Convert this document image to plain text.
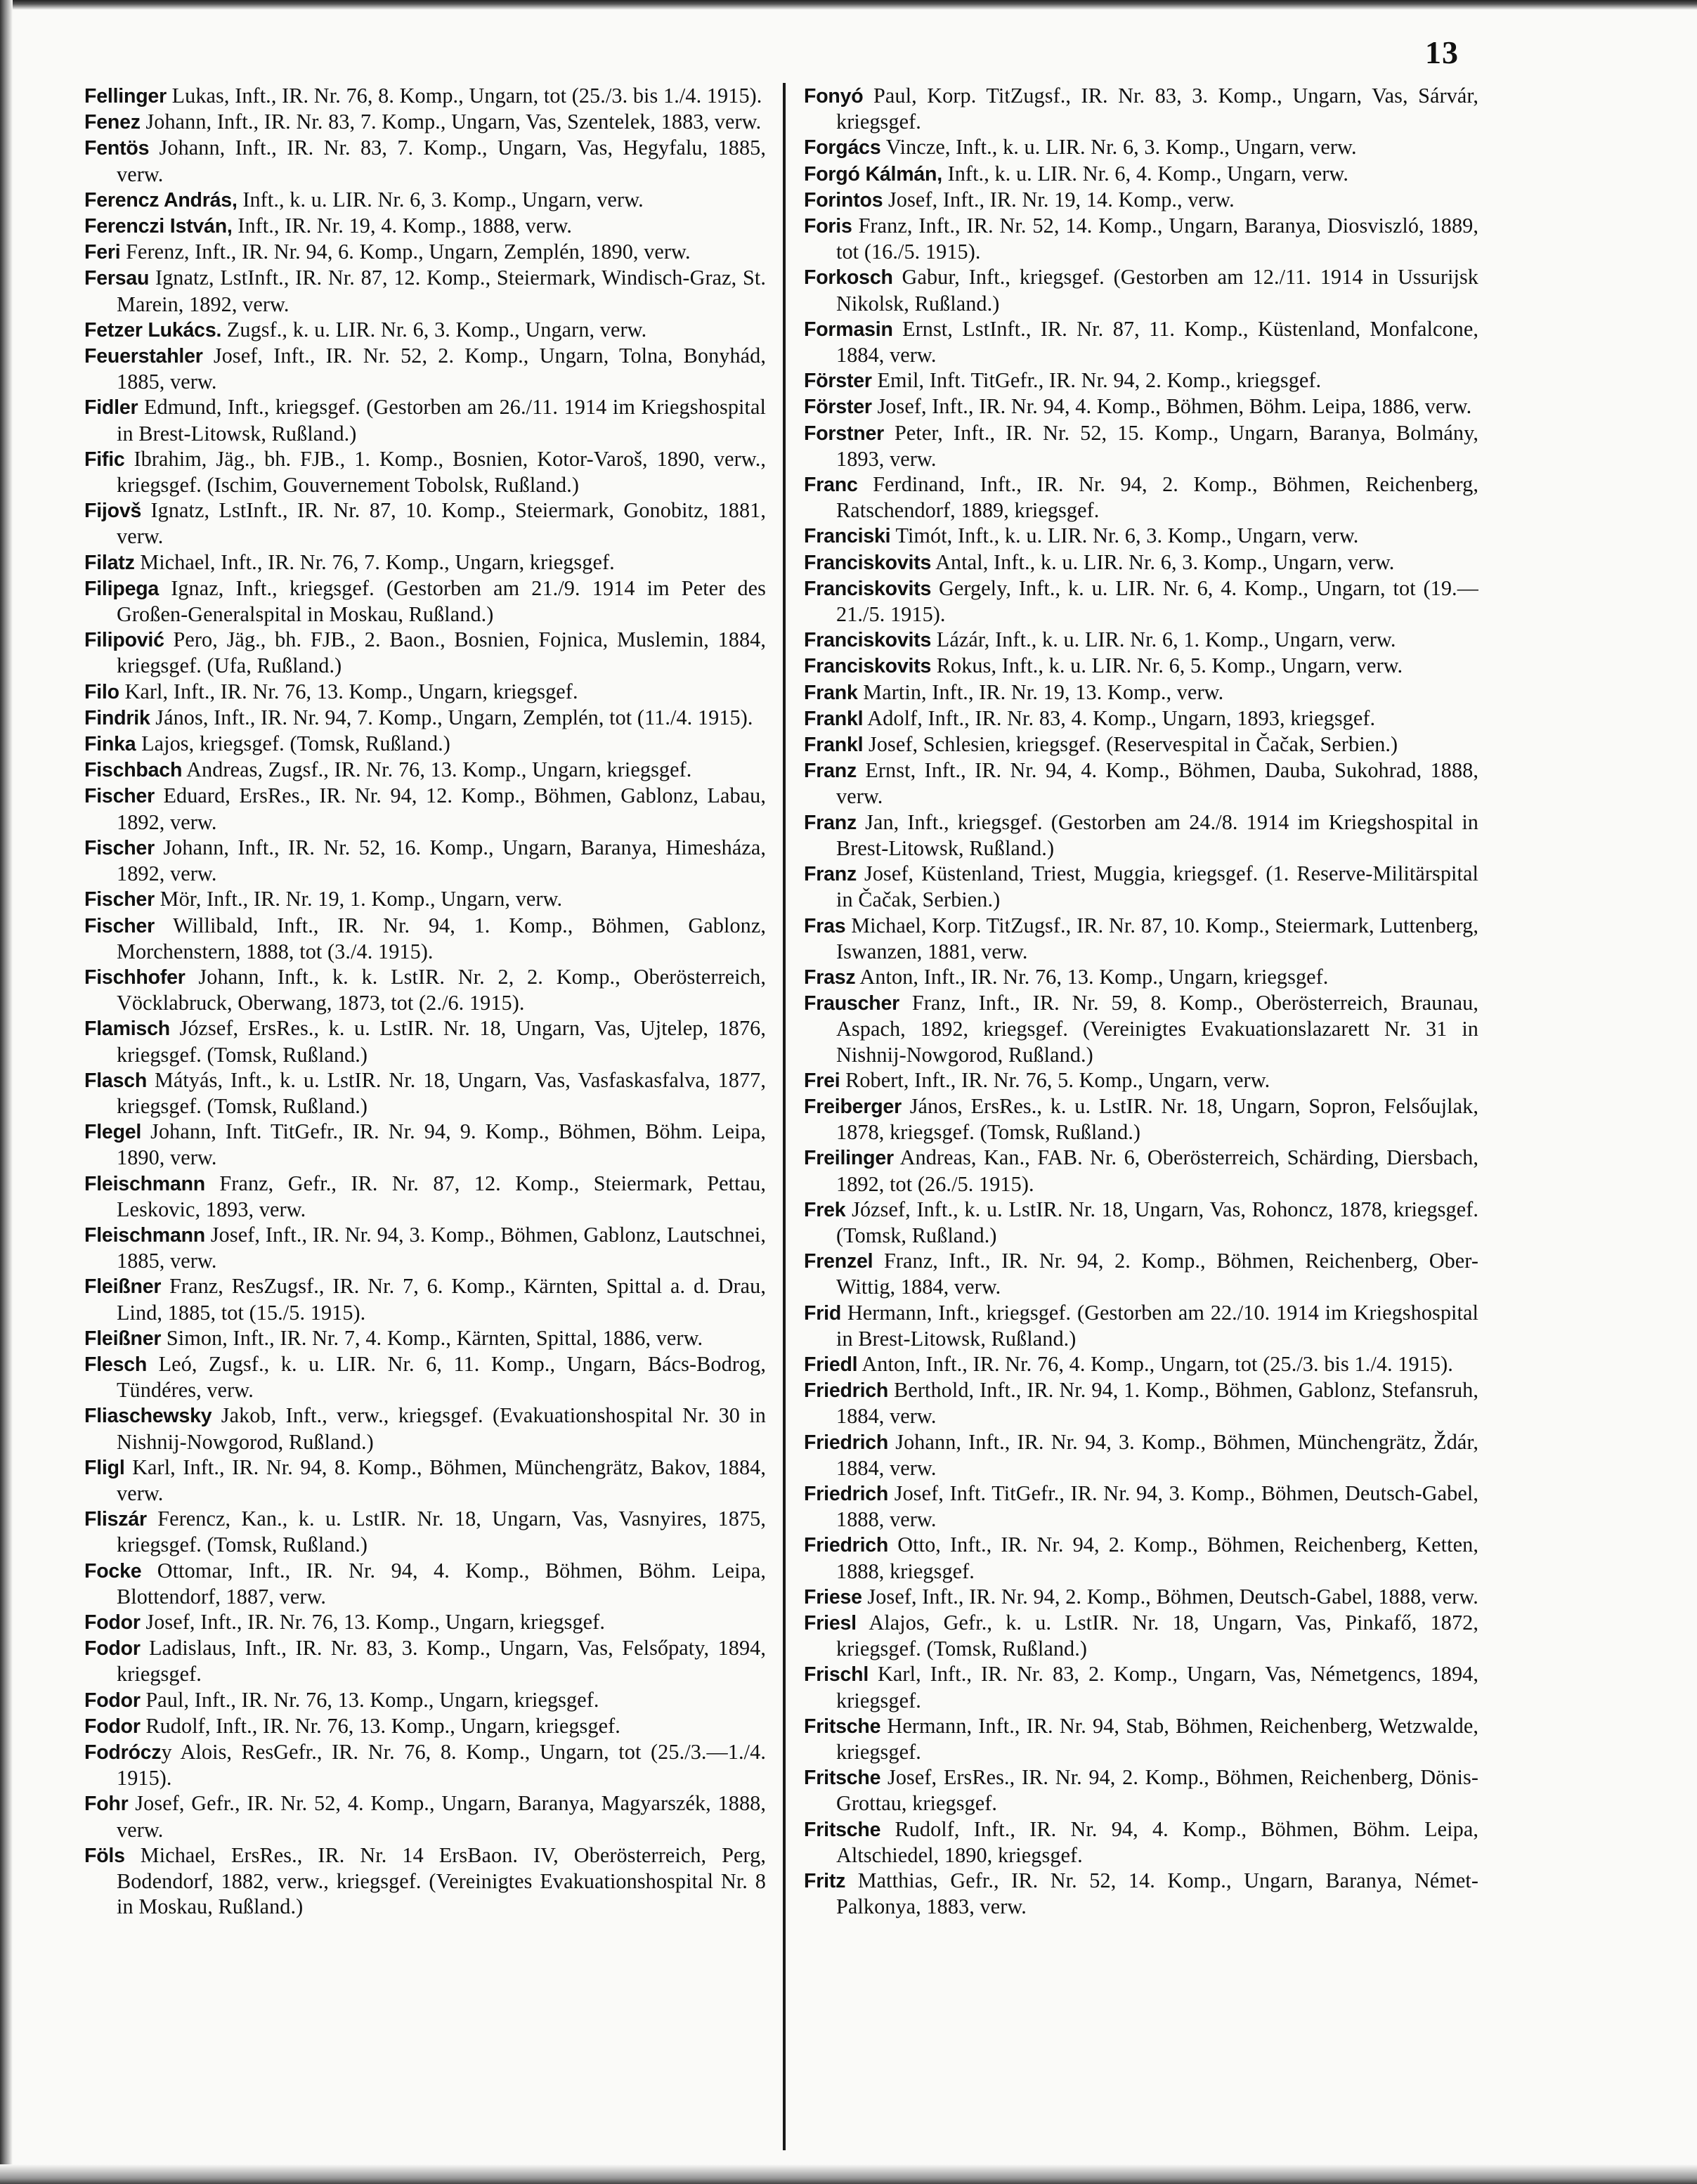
13

Fellinger Lukas, Inft., IR. Nr. 76, 8. Komp., Ungarn, tot (25./3. bis 1./4. 1915).

Fenez Johann, Inft., IR. Nr. 83, 7. Komp., Ungarn, Vas, Szentelek, 1883, verw.

Fentös Johann, Inft., IR. Nr. 83, 7. Komp., Ungarn, Vas, Hegyfalu, 1885, verw.

Ferencz András, Inft., k. u. LIR. Nr. 6, 3. Komp., Ungarn, verw.

Ferenczi István, Inft., IR. Nr. 19, 4. Komp., 1888, verw.

Feri Ferenz, Inft., IR. Nr. 94, 6. Komp., Ungarn, Zemplén, 1890, verw.

Fersau Ignatz, LstInft., IR. Nr. 87, 12. Komp., Steiermark, Windisch-Graz, St. Marein, 1892, verw.

Fetzer Lukács. Zugsf., k. u. LIR. Nr. 6, 3. Komp., Ungarn, verw.

Feuerstahler Josef, Inft., IR. Nr. 52, 2. Komp., Ungarn, Tolna, Bonyhád, 1885, verw.

Fidler Edmund, Inft., kriegsgef. (Gestorben am 26./11. 1914 im Kriegshospital in Brest-Litowsk, Rußland.)

Fific Ibrahim, Jäg., bh. FJB., 1. Komp., Bosnien, Kotor-Varoš, 1890, verw., kriegsgef. (Ischim, Gouvernement Tobolsk, Rußland.)

Fijovš Ignatz, LstInft., IR. Nr. 87, 10. Komp., Steiermark, Gonobitz, 1881, verw.

Filatz Michael, Inft., IR. Nr. 76, 7. Komp., Ungarn, kriegsgef.

Filipega Ignaz, Inft., kriegsgef. (Gestorben am 21./9. 1914 im Peter des Großen-Generalspital in Moskau, Rußland.)

Filipović Pero, Jäg., bh. FJB., 2. Baon., Bosnien, Fojnica, Muslemin, 1884, kriegsgef. (Ufa, Rußland.)

Filo Karl, Inft., IR. Nr. 76, 13. Komp., Ungarn, kriegsgef.

Findrik János, Inft., IR. Nr. 94, 7. Komp., Ungarn, Zemplén, tot (11./4. 1915).

Finka Lajos, kriegsgef. (Tomsk, Rußland.)

Fischbach Andreas, Zugsf., IR. Nr. 76, 13. Komp., Ungarn, kriegsgef.

Fischer Eduard, ErsRes., IR. Nr. 94, 12. Komp., Böhmen, Gablonz, Labau, 1892, verw.

Fischer Johann, Inft., IR. Nr. 52, 16. Komp., Ungarn, Baranya, Himesháza, 1892, verw.

Fischer Mör, Inft., IR. Nr. 19, 1. Komp., Ungarn, verw.

Fischer Willibald, Inft., IR. Nr. 94, 1. Komp., Böhmen, Gablonz, Morchenstern, 1888, tot (3./4. 1915).

Fischhofer Johann, Inft., k. k. LstIR. Nr. 2, 2. Komp., Oberösterreich, Vöcklabruck, Oberwang, 1873, tot (2./6. 1915).

Flamisch József, ErsRes., k. u. LstIR. Nr. 18, Ungarn, Vas, Ujtelep, 1876, kriegsgef. (Tomsk, Rußland.)

Flasch Mátyás, Inft., k. u. LstIR. Nr. 18, Ungarn, Vas, Vasfaskasfalva, 1877, kriegsgef. (Tomsk, Rußland.)

Flegel Johann, Inft. TitGefr., IR. Nr. 94, 9. Komp., Böhmen, Böhm. Leipa, 1890, verw.

Fleischmann Franz, Gefr., IR. Nr. 87, 12. Komp., Steiermark, Pettau, Leskovic, 1893, verw.

Fleischmann Josef, Inft., IR. Nr. 94, 3. Komp., Böhmen, Gablonz, Lautschnei, 1885, verw.

Fleißner Franz, ResZugsf., IR. Nr. 7, 6. Komp., Kärnten, Spittal a. d. Drau, Lind, 1885, tot (15./5. 1915).

Fleißner Simon, Inft., IR. Nr. 7, 4. Komp., Kärnten, Spittal, 1886, verw.

Flesch Leó, Zugsf., k. u. LIR. Nr. 6, 11. Komp., Ungarn, Bács-Bodrog, Tündéres, verw.

Fliaschewsky Jakob, Inft., verw., kriegsgef. (Evakuationshospital Nr. 30 in Nishnij-Nowgorod, Rußland.)

Fligl Karl, Inft., IR. Nr. 94, 8. Komp., Böhmen, Münchengrätz, Bakov, 1884, verw.

Fliszár Ferencz, Kan., k. u. LstIR. Nr. 18, Ungarn, Vas, Vasnyires, 1875, kriegsgef. (Tomsk, Rußland.)

Focke Ottomar, Inft., IR. Nr. 94, 4. Komp., Böhmen, Böhm. Leipa, Blottendorf, 1887, verw.

Fodor Josef, Inft., IR. Nr. 76, 13. Komp., Ungarn, kriegsgef.

Fodor Ladislaus, Inft., IR. Nr. 83, 3. Komp., Ungarn, Vas, Felsőpaty, 1894, kriegsgef.

Fodor Paul, Inft., IR. Nr. 76, 13. Komp., Ungarn, kriegsgef.

Fodor Rudolf, Inft., IR. Nr. 76, 13. Komp., Ungarn, kriegsgef.

Fodróczy Alois, ResGefr., IR. Nr. 76, 8. Komp., Ungarn, tot (25./3.—1./4. 1915).

Fohr Josef, Gefr., IR. Nr. 52, 4. Komp., Ungarn, Baranya, Magyarszék, 1888, verw.

Föls Michael, ErsRes., IR. Nr. 14 ErsBaon. IV, Oberösterreich, Perg, Bodendorf, 1882, verw., kriegsgef. (Vereinigtes Evakuationshospital Nr. 8 in Moskau, Rußland.)

Fonyó Paul, Korp. TitZugsf., IR. Nr. 83, 3. Komp., Ungarn, Vas, Sárvár, kriegsgef.

Forgács Vincze, Inft., k. u. LIR. Nr. 6, 3. Komp., Ungarn, verw.

Forgó Kálmán, Inft., k. u. LIR. Nr. 6, 4. Komp., Ungarn, verw.

Forintos Josef, Inft., IR. Nr. 19, 14. Komp., verw.

Foris Franz, Inft., IR. Nr. 52, 14. Komp., Ungarn, Baranya, Diosviszló, 1889, tot (16./5. 1915).

Forkosch Gabur, Inft., kriegsgef. (Gestorben am 12./11. 1914 in Ussurijsk Nikolsk, Rußland.)

Formasin Ernst, LstInft., IR. Nr. 87, 11. Komp., Küstenland, Monfalcone, 1884, verw.

Förster Emil, Inft. TitGefr., IR. Nr. 94, 2. Komp., kriegsgef.

Förster Josef, Inft., IR. Nr. 94, 4. Komp., Böhmen, Böhm. Leipa, 1886, verw.

Forstner Peter, Inft., IR. Nr. 52, 15. Komp., Ungarn, Baranya, Bolmány, 1893, verw.

Franc Ferdinand, Inft., IR. Nr. 94, 2. Komp., Böhmen, Reichenberg, Ratschendorf, 1889, kriegsgef.

Franciski Timót, Inft., k. u. LIR. Nr. 6, 3. Komp., Ungarn, verw.

Franciskovits Antal, Inft., k. u. LIR. Nr. 6, 3. Komp., Ungarn, verw.

Franciskovits Gergely, Inft., k. u. LIR. Nr. 6, 4. Komp., Ungarn, tot (19.—21./5. 1915).

Franciskovits Lázár, Inft., k. u. LIR. Nr. 6, 1. Komp., Ungarn, verw.

Franciskovits Rokus, Inft., k. u. LIR. Nr. 6, 5. Komp., Ungarn, verw.

Frank Martin, Inft., IR. Nr. 19, 13. Komp., verw.

Frankl Adolf, Inft., IR. Nr. 83, 4. Komp., Ungarn, 1893, kriegsgef.

Frankl Josef, Schlesien, kriegsgef. (Reservespital in Čačak, Serbien.)

Franz Ernst, Inft., IR. Nr. 94, 4. Komp., Böhmen, Dauba, Sukohrad, 1888, verw.

Franz Jan, Inft., kriegsgef. (Gestorben am 24./8. 1914 im Kriegshospital in Brest-Litowsk, Rußland.)

Franz Josef, Küstenland, Triest, Muggia, kriegsgef. (1. Reserve-Militärspital in Čačak, Serbien.)

Fras Michael, Korp. TitZugsf., IR. Nr. 87, 10. Komp., Steiermark, Luttenberg, Iswanzen, 1881, verw.

Frasz Anton, Inft., IR. Nr. 76, 13. Komp., Ungarn, kriegsgef.

Frauscher Franz, Inft., IR. Nr. 59, 8. Komp., Oberösterreich, Braunau, Aspach, 1892, kriegsgef. (Vereinigtes Evakuationslazarett Nr. 31 in Nishnij-Nowgorod, Rußland.)

Frei Robert, Inft., IR. Nr. 76, 5. Komp., Ungarn, verw.

Freiberger János, ErsRes., k. u. LstIR. Nr. 18, Ungarn, Sopron, Felsőujlak, 1878, kriegsgef. (Tomsk, Rußland.)

Freilinger Andreas, Kan., FAB. Nr. 6, Oberösterreich, Schärding, Diersbach, 1892, tot (26./5. 1915).

Frek József, Inft., k. u. LstIR. Nr. 18, Ungarn, Vas, Rohoncz, 1878, kriegsgef. (Tomsk, Rußland.)

Frenzel Franz, Inft., IR. Nr. 94, 2. Komp., Böhmen, Reichenberg, Ober-Wittig, 1884, verw.

Frid Hermann, Inft., kriegsgef. (Gestorben am 22./10. 1914 im Kriegshospital in Brest-Litowsk, Rußland.)

Friedl Anton, Inft., IR. Nr. 76, 4. Komp., Ungarn, tot (25./3. bis 1./4. 1915).

Friedrich Berthold, Inft., IR. Nr. 94, 1. Komp., Böhmen, Gablonz, Stefansruh, 1884, verw.

Friedrich Johann, Inft., IR. Nr. 94, 3. Komp., Böhmen, Münchengrätz, Ždár, 1884, verw.

Friedrich Josef, Inft. TitGefr., IR. Nr. 94, 3. Komp., Böhmen, Deutsch-Gabel, 1888, verw.

Friedrich Otto, Inft., IR. Nr. 94, 2. Komp., Böhmen, Reichenberg, Ketten, 1888, kriegsgef.

Friese Josef, Inft., IR. Nr. 94, 2. Komp., Böhmen, Deutsch-Gabel, 1888, verw.

Friesl Alajos, Gefr., k. u. LstIR. Nr. 18, Ungarn, Vas, Pinkafő, 1872, kriegsgef. (Tomsk, Rußland.)

Frischl Karl, Inft., IR. Nr. 83, 2. Komp., Ungarn, Vas, Németgencs, 1894, kriegsgef.

Fritsche Hermann, Inft., IR. Nr. 94, Stab, Böhmen, Reichenberg, Wetzwalde, kriegsgef.

Fritsche Josef, ErsRes., IR. Nr. 94, 2. Komp., Böhmen, Reichenberg, Dönis-Grottau, kriegsgef.

Fritsche Rudolf, Inft., IR. Nr. 94, 4. Komp., Böhmen, Böhm. Leipa, Altschiedel, 1890, kriegsgef.

Fritz Matthias, Gefr., IR. Nr. 52, 14. Komp., Ungarn, Baranya, Német-Palkonya, 1883, verw.
